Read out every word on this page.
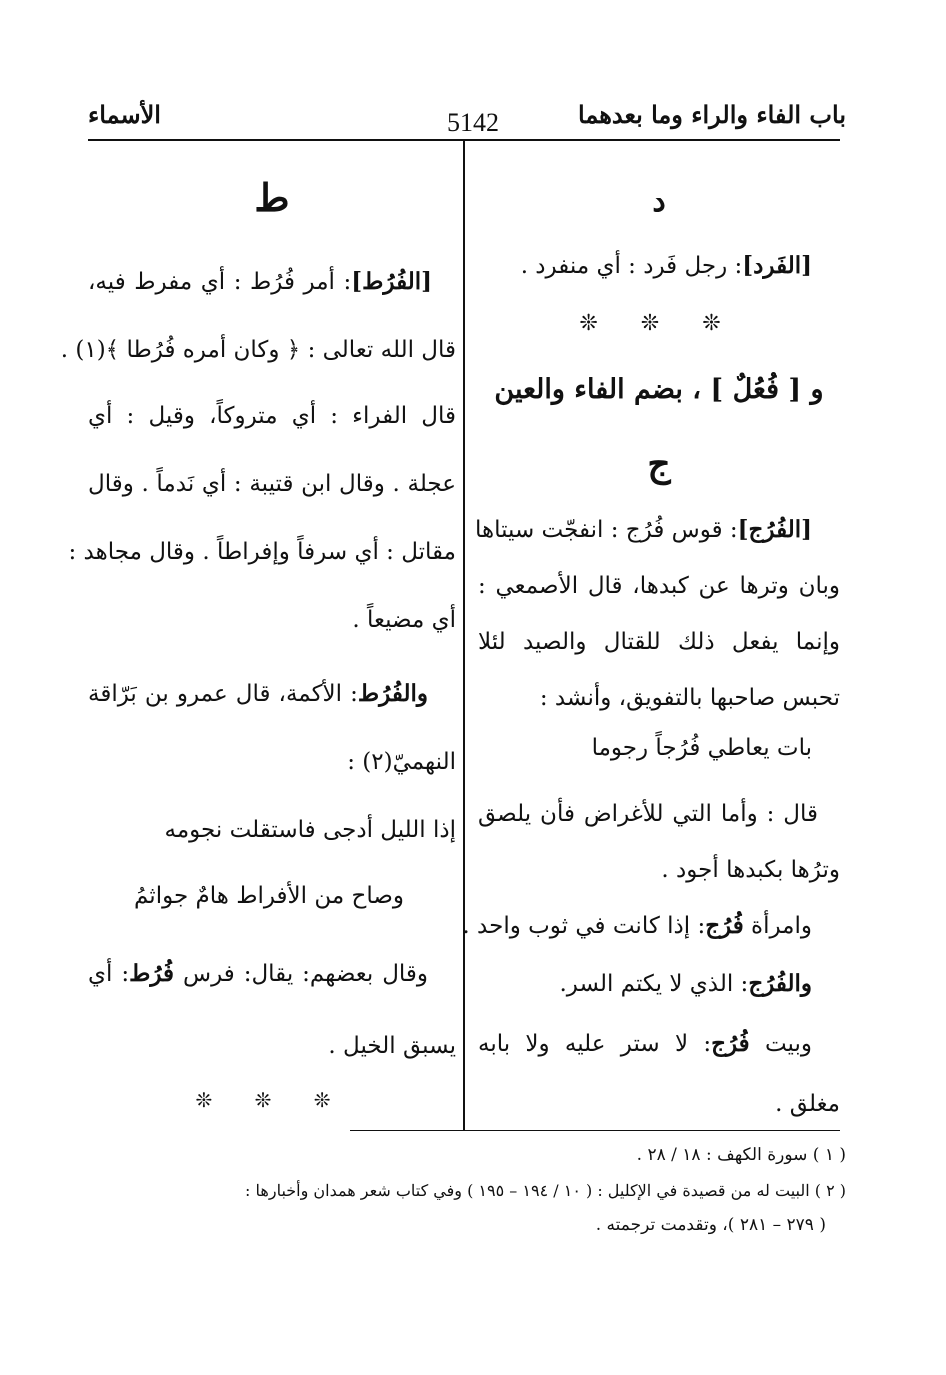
باب الفاء والراء وما بعدهما
5142
الأسماء

د

[الفَرد]: رجل فَرد : أي منفرد .

❊ ❊ ❊

و [ فُعُلٌ ] ، بضم الفاء والعين

ج

[الفُرُج]: قوس فُرُج : انفجّت سيتاها

وبان وترها عن كبدها، قال الأصمعي :

وإنما يفعل ذلك للقتال والصيد لئلا

تحبس صاحبها بالتفويق، وأنشد :

بات يعاطي فُرُجاً رجوما

قال : وأما التي للأغراض فأن يلصق

وترُها بكبدها أجود .

وامرأة فُرُج: إذا كانت في ثوب واحد .

والفُرُج: الذي لا يكتم السر.

وبيت فُرُج: لا ستر عليه ولا بابه

مغلق .

ط

[الفُرُط]: أمر فُرُط : أي مفرط فيه،

قال الله تعالى : ﴿ وكان أمره فُرُطا ﴾(١) .

قال الفراء : أي متروكاً، وقيل : أي

عجلة . وقال ابن قتيبة : أي نَدماً . وقال

مقاتل : أي سرفاً وإفراطاً . وقال مجاهد :

أي مضيعاً .

والفُرُط: الأكمة، قال عمرو بن بَرّاقة

النهميّ(٢) :

إذا الليل أدجى فاستقلت نجومه

وصاح من الأفراط هامٌ جواثمُ

وقال بعضهم: يقال: فرس فُرُط: أي

يسبق الخيل .

❊ ❊ ❊

( ١ ) سورة الكهف : ١٨ / ٢٨ .
( ٢ ) البيت له من قصيدة في الإكليل : ( ١٠ / ١٩٤ – ١٩٥ ) وفي كتاب شعر همدان وأخبارها :
( ٢٧٩ – ٢٨١ )، وتقدمت ترجمته .
